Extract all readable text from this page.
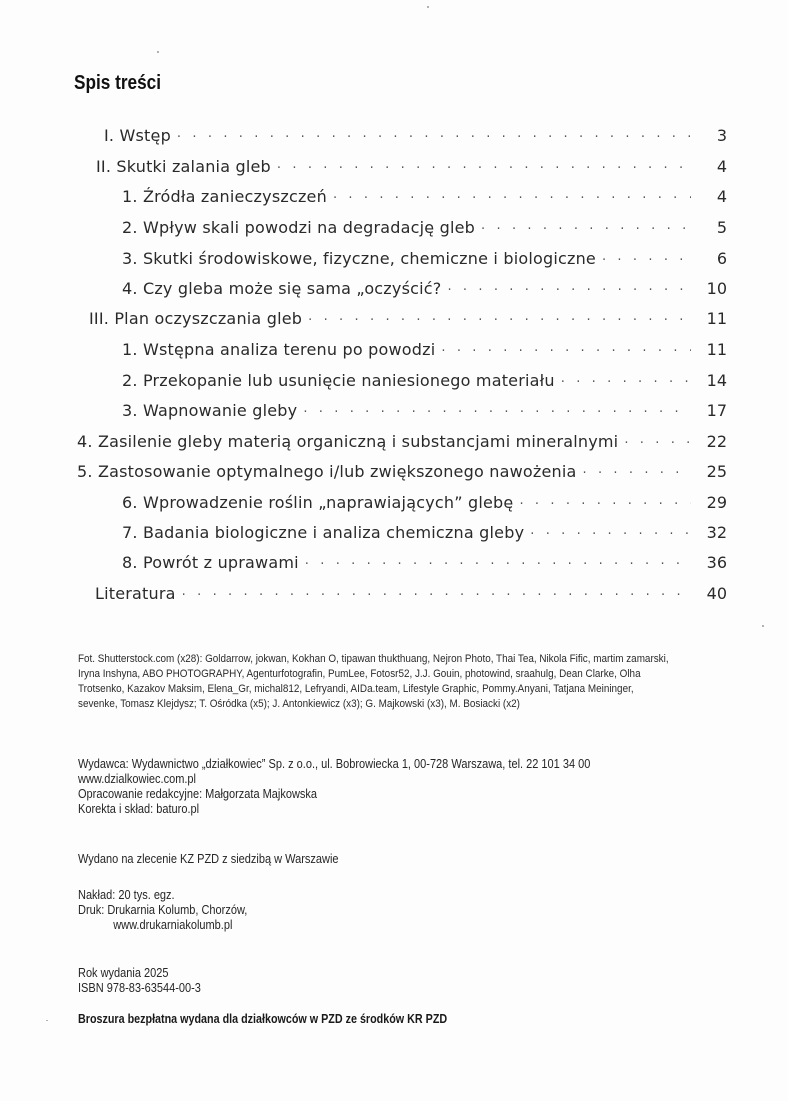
Spis treści
I. Wstęp . . .	3
II. Skutki zalania gleb . . .	4
1. Źródła zanieczyszczeń . . .	4
2. Wpływ skali powodzi na degradację gleb . . .	5
3. Skutki środowiskowe, fizyczne, chemiczne i biologiczne . . .	6
4. Czy gleba może się sama „oczyścić? . . .	10
III. Plan oczyszczania gleb . . .	11
1. Wstępna analiza terenu po powodzi . . .	11
2. Przekopanie lub usunięcie naniesionego materiału . . .	14
3. Wapnowanie gleby . . .	17
4. Zasilenie gleby materią organiczną i substancjami mineralnymi . . .	22
5. Zastosowanie optymalnego i/lub zwiększonego nawożenia . . .	25
6. Wprowadzenie roślin „naprawiających” glebę . . .	29
7. Badania biologiczne i analiza chemiczna gleby . . .	32
8. Powrót z uprawami . . .	36
Literatura . . .	40
Fot. Shutterstock.com (x28): Goldarrow, jokwan, Kokhan O, tipawan thukthuang, Nejron Photo, Thai Tea, Nikola Fific, martim zamarski, Iryna Inshyna, ABO PHOTOGRAPHY, Agenturfotografin, PumLee, Fotosr52, J.J. Gouin, photowind, sraahulg, Dean Clarke, Olha Trotsenko, Kazakov Maksim, Elena_Gr, michal812, Lefryandi, AIDa.team, Lifestyle Graphic, Pommy.Anyani, Tatjana Meininger, sevenke, Tomasz Klejdysz; T. Ośródka (x5); J. Antonkiewicz (x3); G. Majkowski (x3), M. Bosiacki (x2)
Wydawca: Wydawnictwo „działkowiec” Sp. z o.o., ul. Bobrowiecka 1, 00-728 Warszawa, tel. 22 101 34 00
www.dzialkowiec.com.pl
Opracowanie redakcyjne: Małgorzata Majkowska
Korekta i skład: baturo.pl
Wydano na zlecenie KZ PZD z siedzibą w Warszawie
Nakład: 20 tys. egz.
Druk: Drukarnia Kolumb, Chorzów,
www.drukarniakolumb.pl
Rok wydania 2025
ISBN 978-83-63544-00-3
Broszura bezpłatna wydana dla działkowców w PZD ze środków KR PZD
